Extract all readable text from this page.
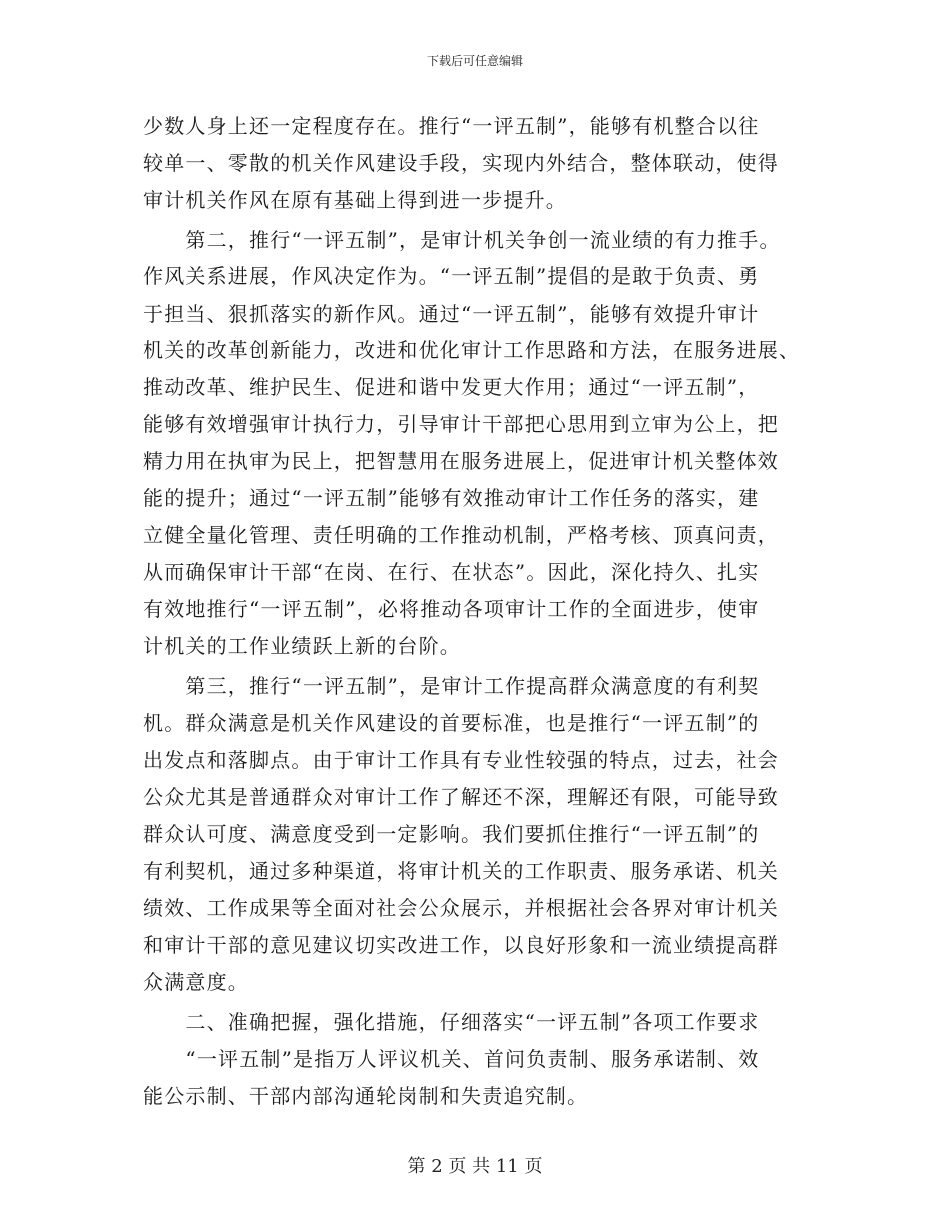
下载后可任意编辑
少数人身上还一定程度存在。推行“一评五制”，能够有机整合以往
较单一、零散的机关作风建设手段，实现内外结合，整体联动，使得
审计机关作风在原有基础上得到进一步提升。
　　第二，推行“一评五制”，是审计机关争创一流业绩的有力推手。
作风关系进展，作风决定作为。“一评五制”提倡的是敢于负责、勇
于担当、狠抓落实的新作风。通过“一评五制”，能够有效提升审计
机关的改革创新能力，改进和优化审计工作思路和方法，在服务进展、
推动改革、维护民生、促进和谐中发更大作用；通过“一评五制”，
能够有效增强审计执行力，引导审计干部把心思用到立审为公上，把
精力用在执审为民上，把智慧用在服务进展上，促进审计机关整体效
能的提升；通过“一评五制”能够有效推动审计工作任务的落实，建
立健全量化管理、责任明确的工作推动机制，严格考核、顶真问责，
从而确保审计干部“在岗、在行、在状态”。因此，深化持久、扎实
有效地推行“一评五制”，必将推动各项审计工作的全面进步，使审
计机关的工作业绩跃上新的台阶。
　　第三，推行“一评五制”，是审计工作提高群众满意度的有利契
机。群众满意是机关作风建设的首要标准，也是推行“一评五制”的
出发点和落脚点。由于审计工作具有专业性较强的特点，过去，社会
公众尤其是普通群众对审计工作了解还不深，理解还有限，可能导致
群众认可度、满意度受到一定影响。我们要抓住推行“一评五制”的
有利契机，通过多种渠道，将审计机关的工作职责、服务承诺、机关
绩效、工作成果等全面对社会公众展示，并根据社会各界对审计机关
和审计干部的意见建议切实改进工作，以良好形象和一流业绩提高群
众满意度。
　　二、准确把握，强化措施，仔细落实“一评五制”各项工作要求
　　“一评五制”是指万人评议机关、首问负责制、服务承诺制、效
能公示制、干部内部沟通轮岗制和失责追究制。
第 2 页 共 11 页
